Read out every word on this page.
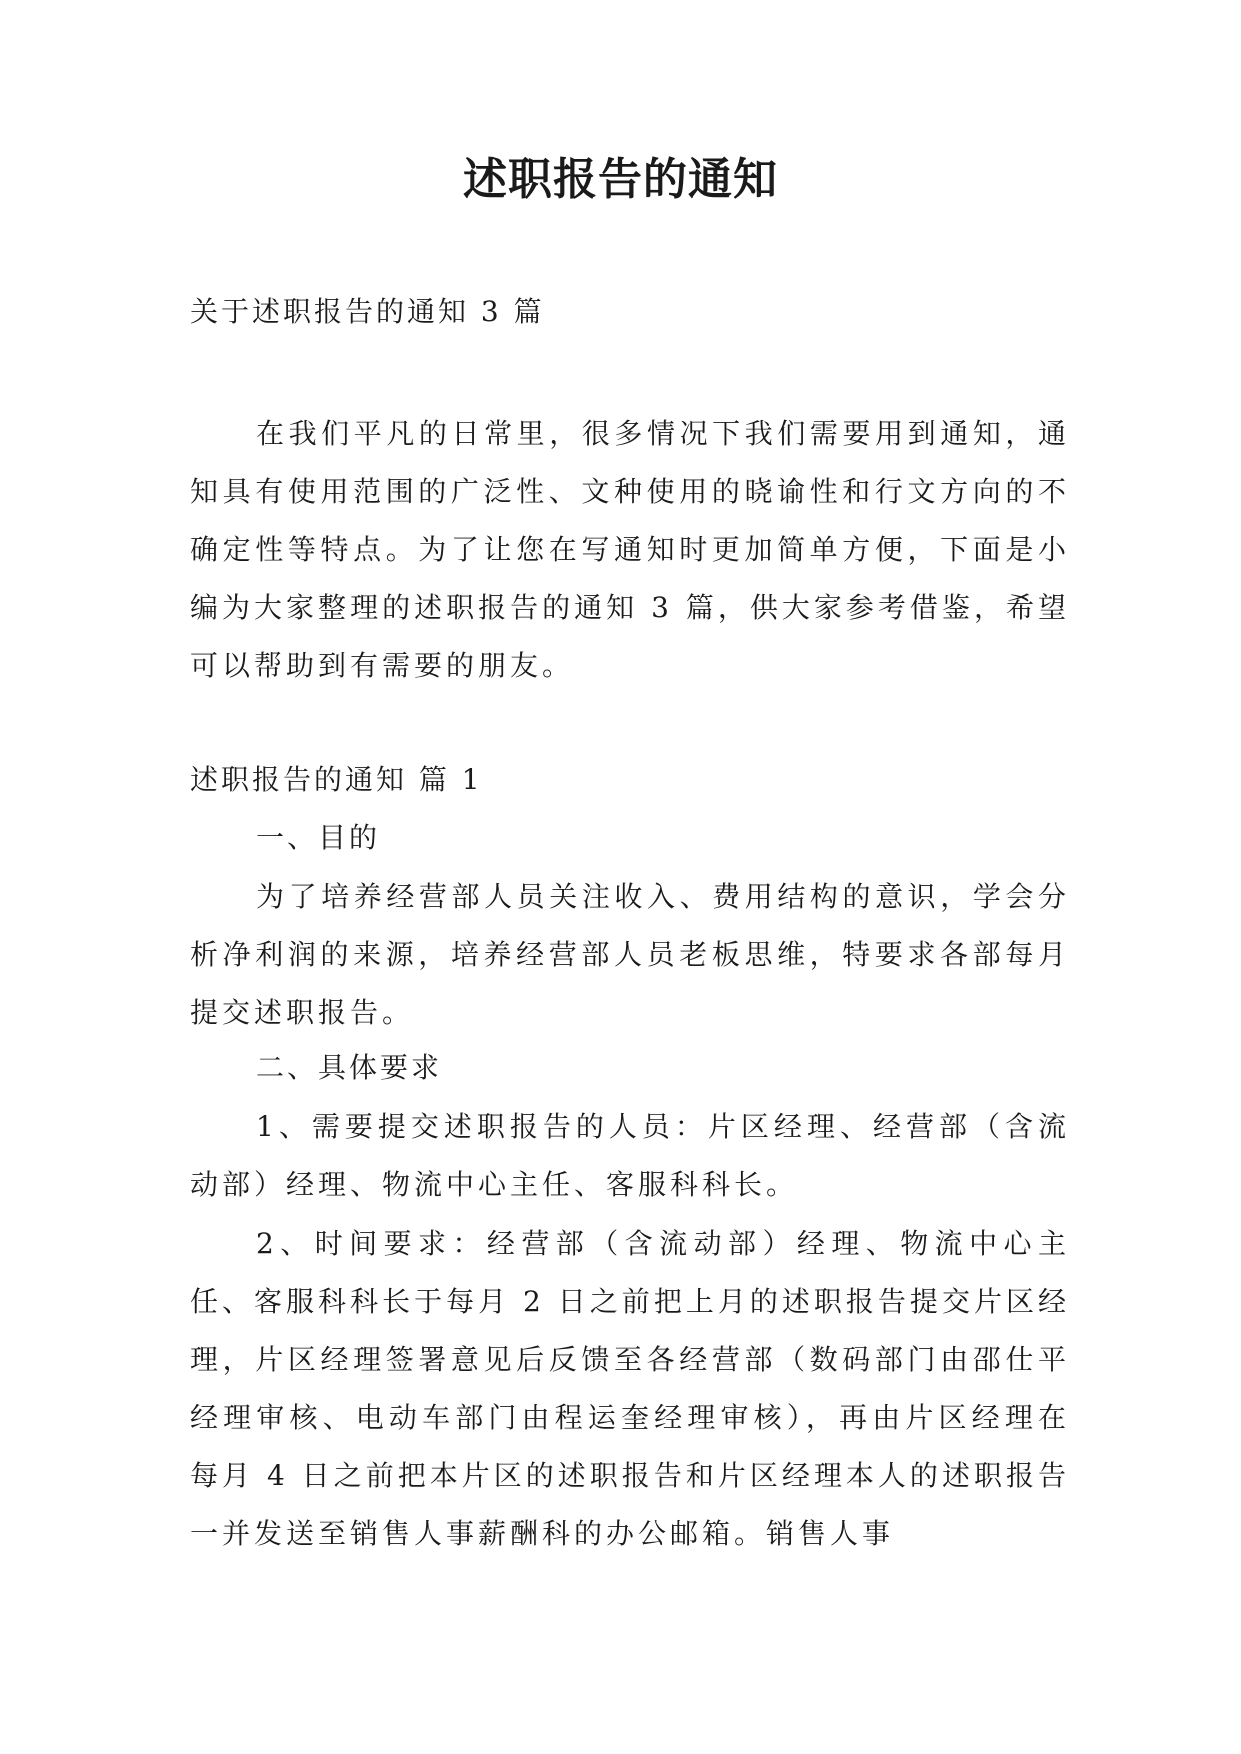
述职报告的通知
关于述职报告的通知 3 篇

在我们平凡的日常里，很多情况下我们需要用到通知，通知具有使用范围的广泛性、文种使用的晓谕性和行文方向的不确定性等特点。为了让您在写通知时更加简单方便，下面是小编为大家整理的述职报告的通知 3 篇，供大家参考借鉴，希望可以帮助到有需要的朋友。

述职报告的通知 篇 1
一、目的

为了培养经营部人员关注收入、费用结构的意识，学会分析净利润的来源，培养经营部人员老板思维，特要求各部每月提交述职报告。

二、具体要求

1、需要提交述职报告的人员：片区经理、经营部（含流动部）经理、物流中心主任、客服科科长。

2、时间要求：经营部（含流动部）经理、物流中心主任、客服科科长于每月 2 日之前把上月的述职报告提交片区经理，片区经理签署意见后反馈至各经营部（数码部门由邵仕平经理审核、电动车部门由程运奎经理审核），再由片区经理在每月 4 日之前把本片区的述职报告和片区经理本人的述职报告一并发送至销售人事薪酬科的办公邮箱。销售人事
